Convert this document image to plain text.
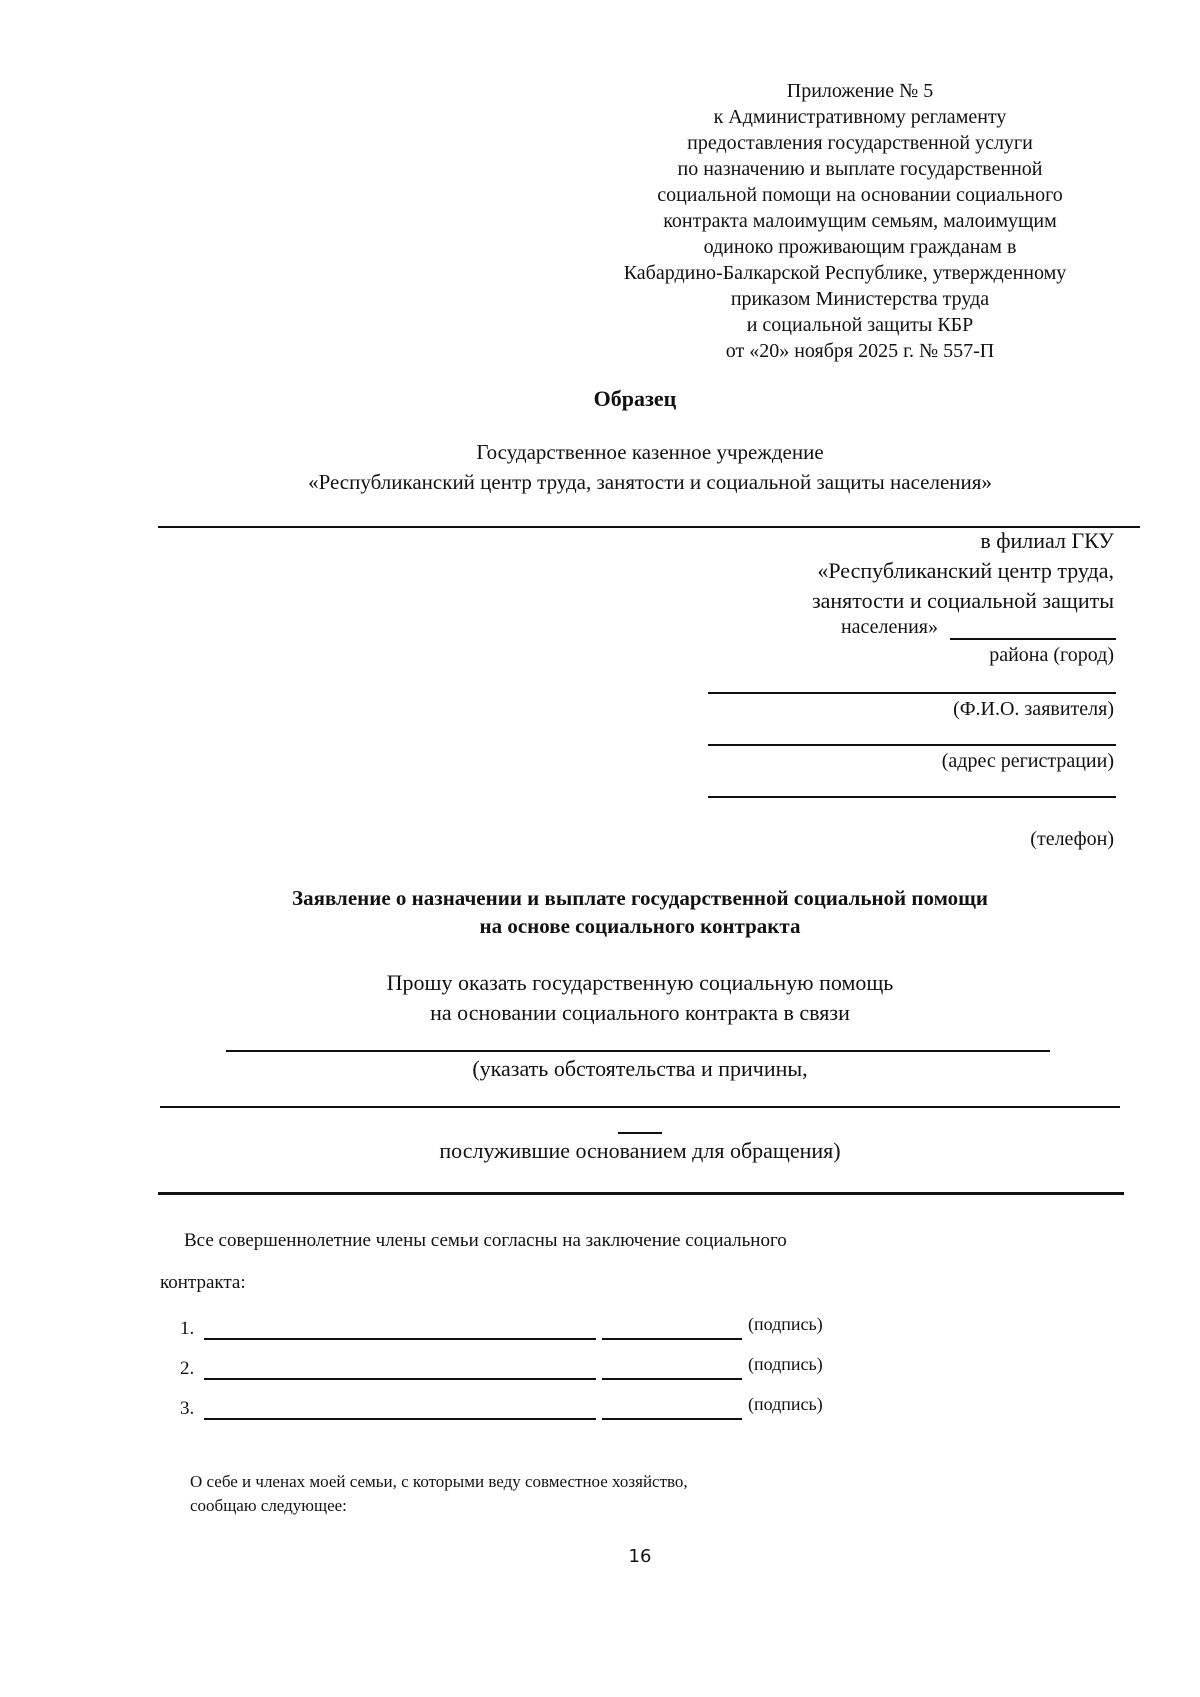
Приложение № 5
к Административному регламенту
предоставления государственной услуги
по назначению и выплате государственной
социальной помощи на основании социального
контракта малоимущим семьям, малоимущим
одиноко проживающим гражданам в
Кабардино-Балкарской Республике, утвержденному
приказом Министерства труда
и социальной защиты КБР
от «20» ноября 2025 г. № 557-П
Образец
Государственное казенное учреждение
«Республиканский центр труда, занятости и социальной защиты населения»
в филиал ГКУ
«Республиканский центр труда,
занятости и социальной защиты
населения»
района (город)
(Ф.И.О. заявителя)
(адрес регистрации)
(телефон)
Заявление о назначении и выплате государственной социальной помощи
на основе социального контракта
Прошу оказать государственную социальную помощь
на основании социального контракта в связи
(указать обстоятельства и причины,
послужившие основанием для обращения)
Все совершеннолетние члены семьи согласны на заключение социального
контракта:
1.	(подпись)
2.	(подпись)
3.	(подпись)
О себе и членах моей семьи, с которыми веду совместное хозяйство,
сообщаю следующее:
16
